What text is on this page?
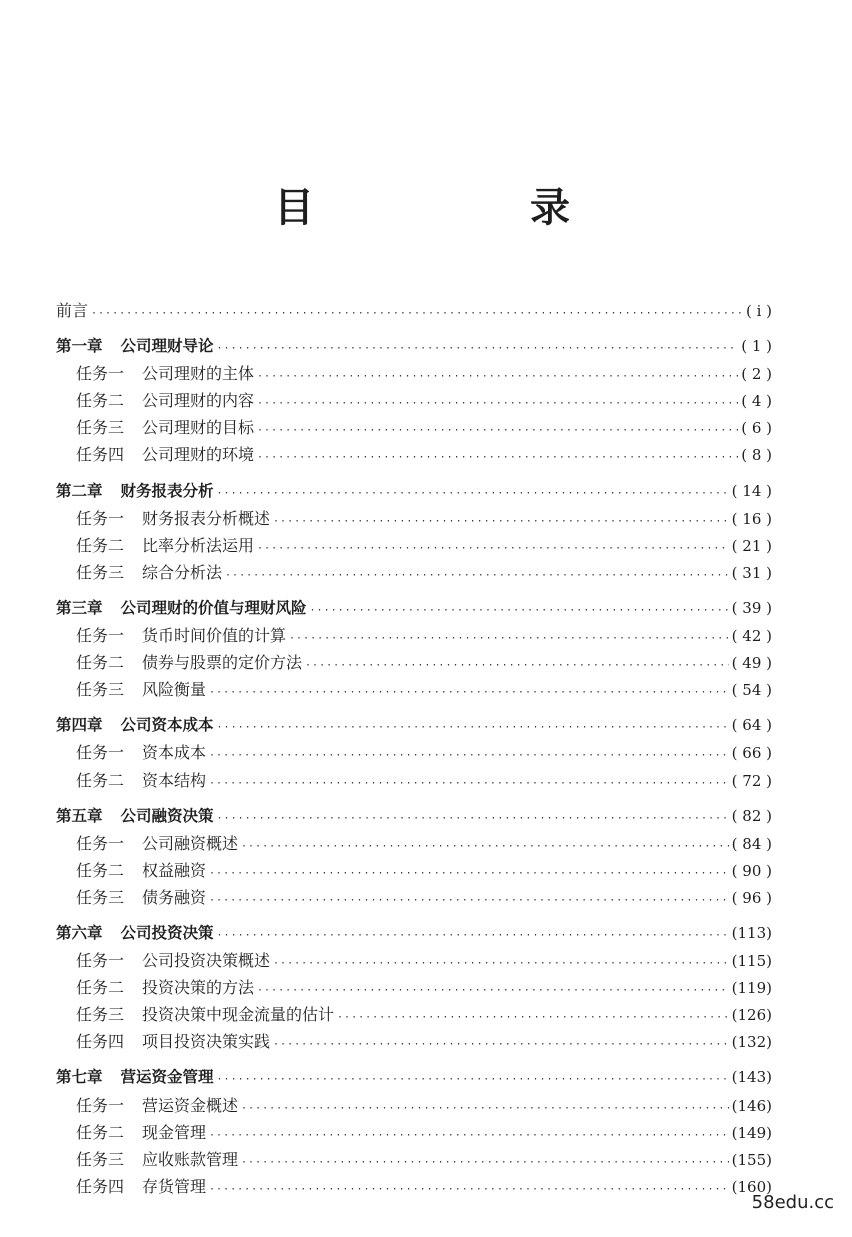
目　录
前言 ·····	( ⅰ )
第一章 公司理财导论 ·····	( 1 )
任务一 公司理财的主体 ·····	( 2 )
任务二 公司理财的内容 ·····	( 4 )
任务三 公司理财的目标 ·····	( 6 )
任务四 公司理财的环境 ·····	( 8 )
第二章 财务报表分析 ·····	( 14 )
任务一 财务报表分析概述 ·····	( 16 )
任务二 比率分析法运用 ·····	( 21 )
任务三 综合分析法 ·····	( 31 )
第三章 公司理财的价值与理财风险 ·····	( 39 )
任务一 货币时间价值的计算 ·····	( 42 )
任务二 债券与股票的定价方法 ·····	( 49 )
任务三 风险衡量 ·····	( 54 )
第四章 公司资本成本 ·····	( 64 )
任务一 资本成本 ·····	( 66 )
任务二 资本结构 ·····	( 72 )
第五章 公司融资决策 ·····	( 82 )
任务一 公司融资概述 ·····	( 84 )
任务二 权益融资 ·····	( 90 )
任务三 债务融资 ·····	( 96 )
第六章 公司投资决策 ·····	(113)
任务一 公司投资决策概述 ·····	(115)
任务二 投资决策的方法 ·····	(119)
任务三 投资决策中现金流量的估计 ·····	(126)
任务四 项目投资决策实践 ·····	(132)
第七章 营运资金管理 ·····	(143)
任务一 营运资金概述 ·····	(146)
任务二 现金管理 ·····	(149)
任务三 应收账款管理 ·····	(155)
任务四 存货管理 ·····	(160)
58edu.cc
